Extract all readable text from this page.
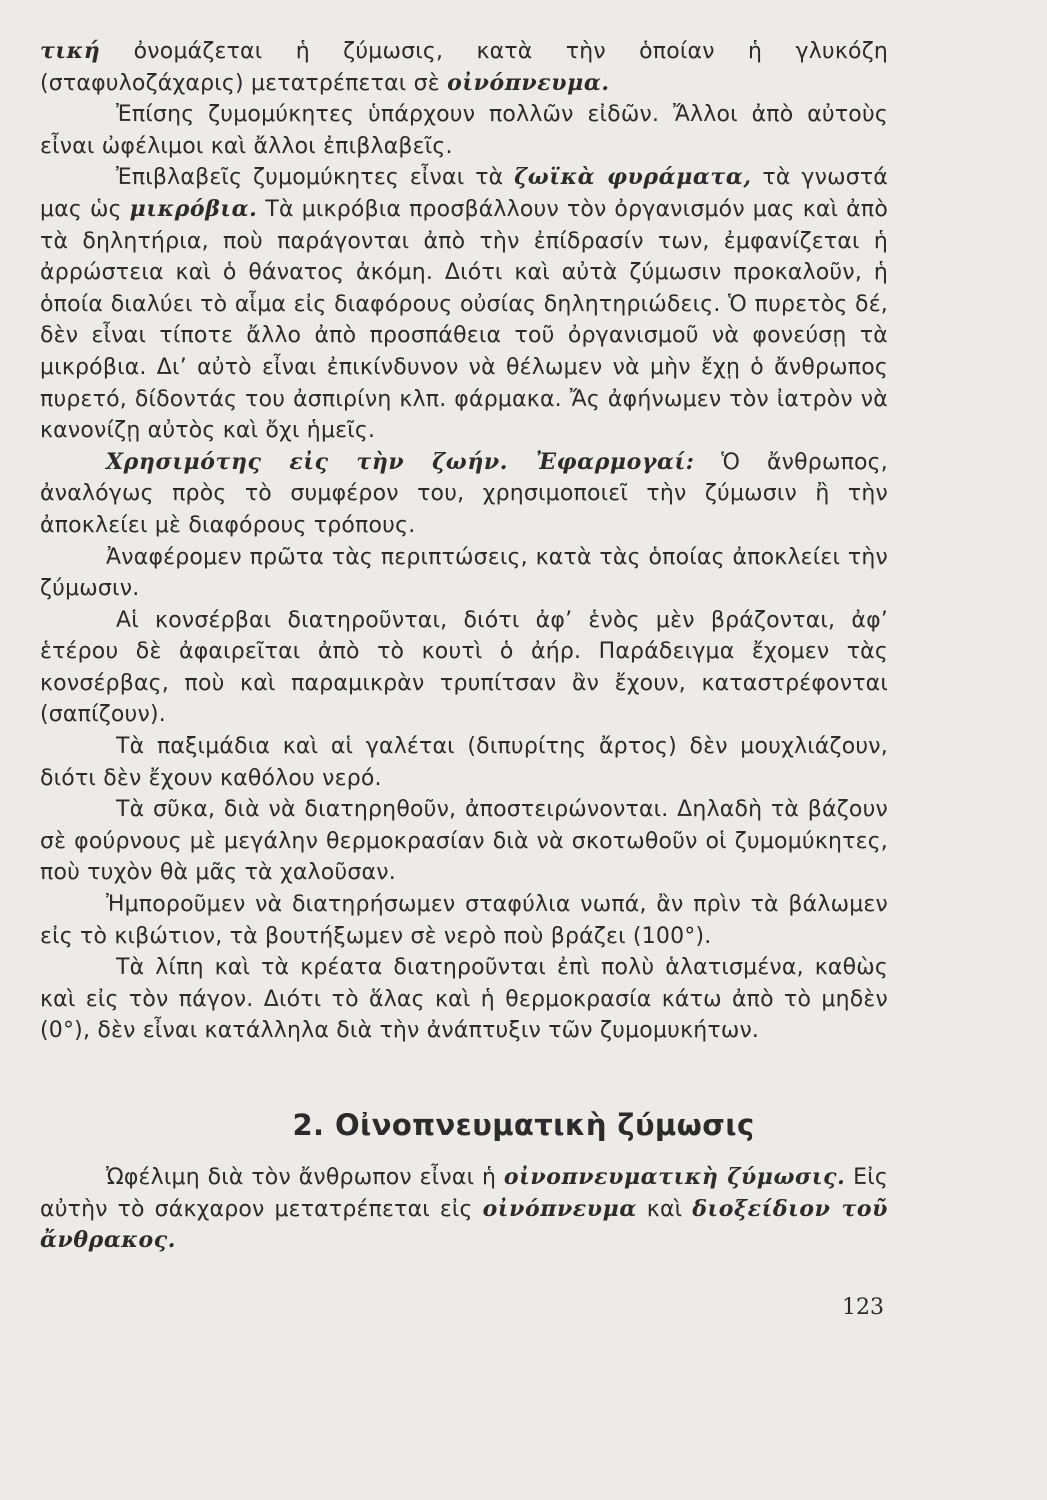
τική ὀνομάζεται ἡ ζύμωσις, κατὰ τὴν ὁποίαν ἡ γλυκόζη (σταφυλοζάχαρις) μετατρέπεται σὲ οἰνόπνευμα.

Ἐπίσης ζυμομύκητες ὑπάρχουν πολλῶν εἰδῶν. Ἄλλοι ἀπὸ αὐτοὺς εἶναι ὠφέλιμοι καὶ ἄλλοι ἐπιβλαβεῖς.

Ἐπιβλαβεῖς ζυμομύκητες εἶναι τὰ ζωϊκὰ φυράματα, τὰ γνωστά μας ὡς μικρόβια. Τὰ μικρόβια προσβάλλουν τὸν ὀργανισμόν μας καὶ ἀπὸ τὰ δηλητήρια, ποὺ παράγονται ἀπὸ τὴν ἐπίδρασίν των, ἐμφανίζεται ἡ ἀρρώστεια καὶ ὁ θάνατος ἀκόμη. Διότι καὶ αὐτὰ ζύμωσιν προκαλοῦν, ἡ ὁποία διαλύει τὸ αἷμα εἰς διαφόρους οὐσίας δηλητηριώδεις. Ὁ πυρετὸς δέ, δὲν εἶναι τίποτε ἄλλο ἀπὸ προσπάθεια τοῦ ὀργανισμοῦ νὰ φονεύσῃ τὰ μικρόβια. Δι’ αὐτὸ εἶναι ἐπικίνδυνον νὰ θέλωμεν νὰ μὴν ἔχῃ ὁ ἄνθρωπος πυρετό, δίδοντάς του ἀσπιρίνη κλπ. φάρμακα. Ἄς ἀφήνωμεν τὸν ἰατρὸν νὰ κανονίζῃ αὐτὸς καὶ ὄχι ἡμεῖς.

Χρησιμότης εἰς τὴν ζωήν. Ἐφαρμογαί: Ὁ ἄνθρωπος, ἀναλόγως πρὸς τὸ συμφέρον του, χρησιμοποιεῖ τὴν ζύμωσιν ἢ τὴν ἀποκλείει μὲ διαφόρους τρόπους.

Ἀναφέρομεν πρῶτα τὰς περιπτώσεις, κατὰ τὰς ὁποίας ἀποκλείει τὴν ζύμωσιν.

Αἱ κονσέρβαι διατηροῦνται, διότι ἀφ’ ἑνὸς μὲν βράζονται, ἀφ’ ἑτέρου δὲ ἀφαιρεῖται ἀπὸ τὸ κουτὶ ὁ ἀήρ. Παράδειγμα ἔχομεν τὰς κονσέρβας, ποὺ καὶ παραμικρὰν τρυπίτσαν ἂν ἔχουν, καταστρέφονται (σαπίζουν).

Τὰ παξιμάδια καὶ αἱ γαλέται (διπυρίτης ἄρτος) δὲν μουχλιάζουν, διότι δὲν ἔχουν καθόλου νερό.

Τὰ σῦκα, διὰ νὰ διατηρηθοῦν, ἀποστειρώνονται. Δηλαδὴ τὰ βάζουν σὲ φούρνους μὲ μεγάλην θερμοκρασίαν διὰ νὰ σκοτωθοῦν οἱ ζυμομύκητες, ποὺ τυχὸν θὰ μᾶς τὰ χαλοῦσαν.

Ἠμποροῦμεν νὰ διατηρήσωμεν σταφύλια νωπά, ἂν πρὶν τὰ βάλωμεν εἰς τὸ κιβώτιον, τὰ βουτήξωμεν σὲ νερὸ ποὺ βράζει (100°).

Τὰ λίπη καὶ τὰ κρέατα διατηροῦνται ἐπὶ πολὺ ἁλατισμένα, καθὼς καὶ εἰς τὸν πάγον. Διότι τὸ ἅλας καὶ ἡ θερμοκρασία κάτω ἀπὸ τὸ μηδὲν (0°), δὲν εἶναι κατάλληλα διὰ τὴν ἀνάπτυξιν τῶν ζυμομυκήτων.

2. Οἰνοπνευματικὴ ζύμωσις

Ὠφέλιμη διὰ τὸν ἄνθρωπον εἶναι ἡ οἰνοπνευματικὴ ζύμωσις. Εἰς αὐτὴν τὸ σάκχαρον μετατρέπεται εἰς οἰνόπνευμα καὶ διοξείδιον τοῦ ἄνθρακος.

123
